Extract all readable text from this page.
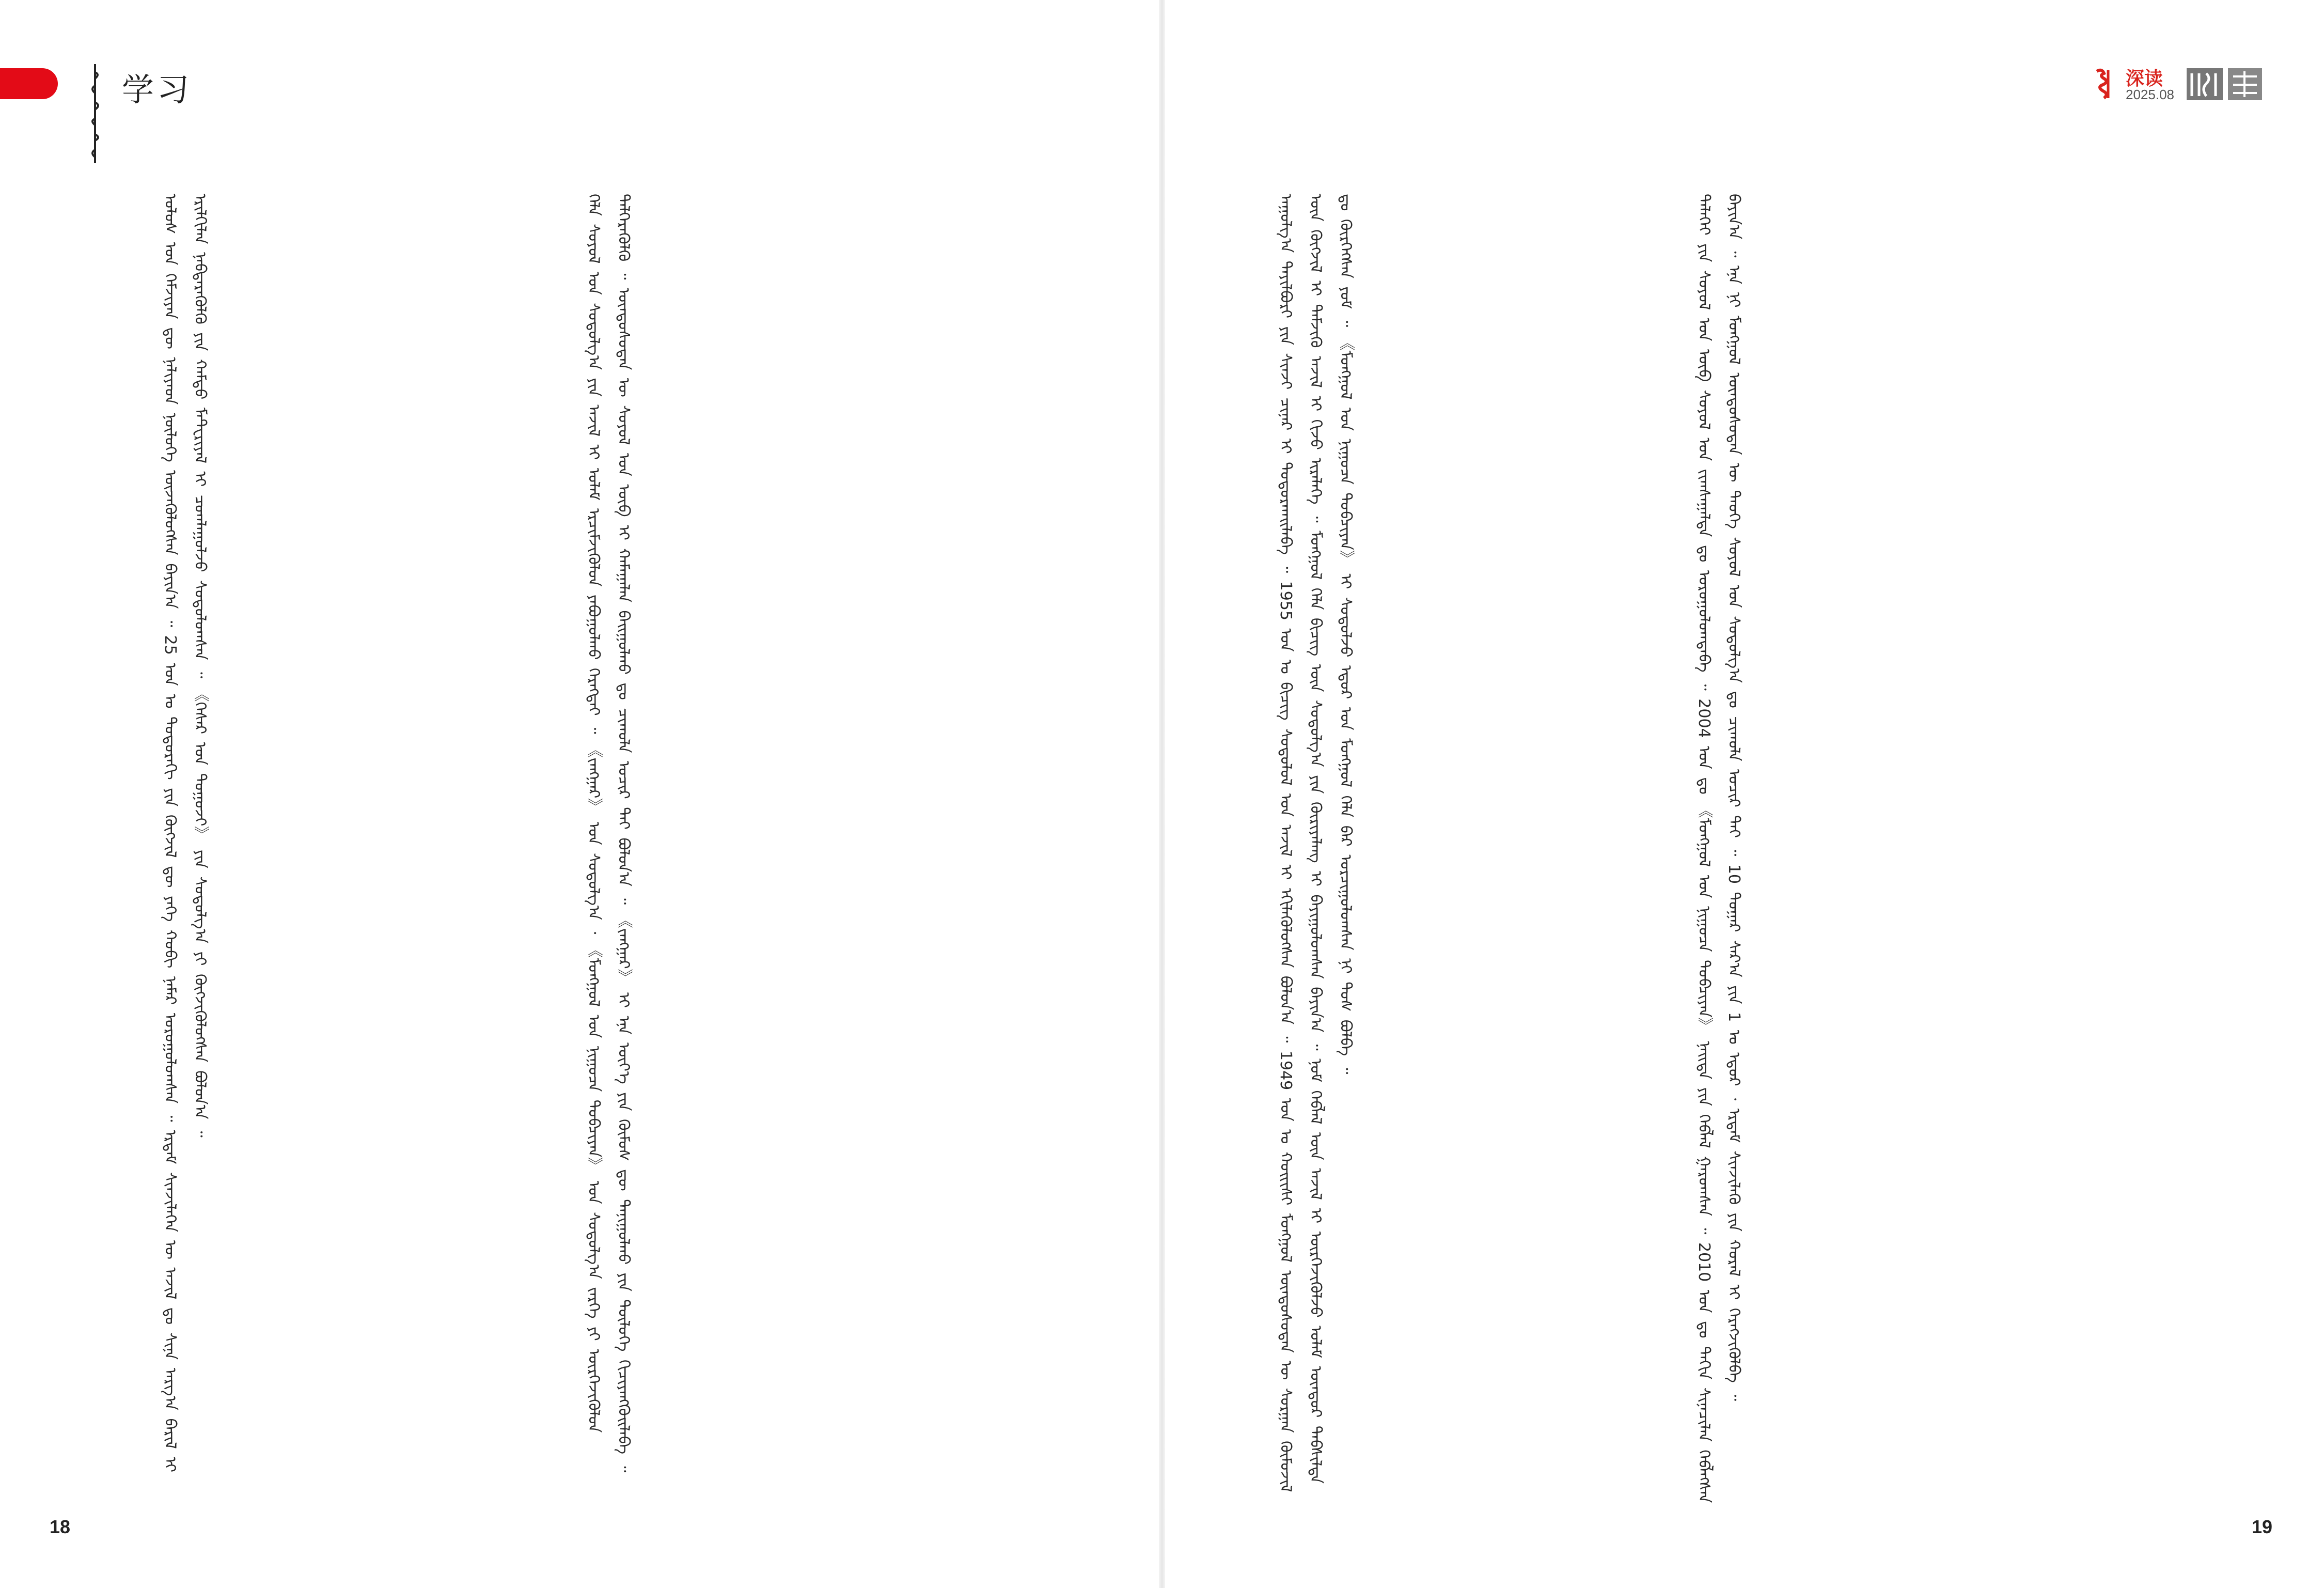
学习
ᠤᠯᠤᠰ ᠤᠨ ᠬᠡᠮᠵᠢᠶᠡᠨ ᠳᠦ ᠨᠡᠯᠢᠶᠡᠳ ᠨᠥᠯᠦᠭᠡ ᠦᠵᠡᠭᠦᠯᠦᠭᠰᠡᠨ ᠪᠠᠶᠢᠨ᠎ᠠ ᠃ 25 ᠣᠨ ᠤ ᠳᠣᠲᠣᠷᠠᠬᠢ ᠶᠢᠨ ᠬᠥᠭᠵᠢᠯ ᠳᠦ ᠶᠡᠬᠡ ᠬᠤᠪᠢ ᠨᠡᠮᠡᠷ ᠣᠷᠤᠭᠤᠯᠤᠭᠰᠠᠨ ᠃ ᠡᠷᠳᠡᠮ ᠰᠢᠨᠵᠢᠯᠡᠬᠡᠨ ᠦ ᠠᠵᠢᠯ ᠳᠤ ᠰᠢᠨᠡ ᠠᠷᠭ᠎ᠠ ᠪᠠᠷᠢᠯ ᠢ ᠡᠷᠢᠯᠬᠢᠯᠡᠨ ᠨᠡᠪᠲᠡᠷᠡᠭᠦᠯᠬᠦ ᠶᠢᠨ ᠬᠠᠮᠲᠤ ᠮᠠᠲ᠋ᠧᠷᠢᠶᠠᠯ ᠢ ᠴᠤᠭᠯᠠᠭᠤᠯᠵᠤ ᠰᠤᠳᠤᠯᠤᠭᠰᠠᠨ ᠃ 《ᠭᠡᠰᠡᠷ ᠤᠨ ᠲᠤᠭᠤᠵᠢ》 ᠶᠢᠨ ᠰᠤᠳᠤᠯᠭ᠎ᠠ ᠶᠢ ᠬᠥᠭᠵᠢᠭᠦᠯᠦᠭᠰᠡᠨ ᠪᠣᠯᠤᠨ᠎ᠠ ᠃	ᠬᠡᠯᠡ ᠰᠣᠶᠣᠯ ᠤᠨ ᠰᠤᠳᠤᠯᠭ᠎ᠠ ᠶᠢᠨ ᠠᠵᠢᠯ ᠢ ᠤᠯᠠᠮ ᠡᠷᠴᠢᠮᠵᠢᠭᠦᠯᠦᠨ ᠶᠠᠪᠤᠭᠤᠯᠬᠤ ᠬᠡᠷᠡᠭᠲᠡᠢ ᠃ 《ᠵᠠᠩᠭᠠᠷ》 ᠤᠨ ᠰᠤᠳᠤᠯᠭ᠎ᠠ ᠂ 《ᠮᠣᠩᠭᠣᠯ ᠤᠨ ᠨᠢᠭᠤᠴᠠ ᠲᠣᠪᠴᠢᠶᠠᠨ》 ᠤᠨ ᠰᠤᠳᠤᠯᠭ᠎ᠠ ᠵᠡᠷᠭᠡ ᠶᠢ ᠥᠷᠭᠡᠵᠢᠭᠦᠯᠦᠨ ᠳᠡᠯᠭᠡᠷᠡᠭᠦᠯᠬᠦ ᠃ ᠦᠨᠳᠦᠰᠦᠲᠡᠨ ᠦ ᠰᠣᠶᠣᠯ ᠤᠨ ᠥᠪ ᠢ ᠬᠠᠮᠠᠭᠠᠯᠠᠨ ᠪᠠᠢᠭᠤᠯᠬᠤ ᠳᠤ ᠴᠢᠬᠤᠯᠠ ᠤᠴᠢᠷ ᠲᠠᠢ ᠪᠣᠯᠤᠨ᠎ᠠ ᠃ 《ᠵᠠᠩᠭᠠᠷ》 ᠢ ᠡᠨᠡ ᠦᠶ᠎ᠡ ᠶᠢᠨ ᠬᠦᠮᠦᠰ ᠳᠦ ᠲᠠᠨᠢᠭᠤᠯᠬᠤ ᠶᠢᠨ ᠲᠥᠯᠦᠭᠡ ᠬᠢᠴᠢᠶᠡᠩᠭᠦᠢᠯᠡᠪᠡ ᠃
18
深读
2025.08
ᠠᠭᠤᠯᠭ᠎ᠠ ᠲᠠᠶᠢᠯᠪᠤᠷᠢ ᠶᠢᠨ ᠰᠢᠨᠵᠢ ᠴᠢᠨᠠᠷ ᠢ ᠲᠣᠳᠣᠷᠬᠠᠢᠯᠠᠪᠠ ᠃ 1955 ᠣᠨ ᠤ ᠪᠢᠴᠢᠭ ᠰᠤᠳᠤᠯᠤᠯ ᠤᠨ ᠠᠵᠢᠯ ᠢ ᠡᠬᠢᠯᠡᠬᠦᠯᠦᠭᠰᠡᠨ ᠪᠣᠯᠤᠨ᠎ᠠ ᠃ 1949 ᠣᠨ ᠤ ᠬᠣᠢᠢᠰᠢ ᠮᠣᠩᠭᠣᠯ ᠦᠨᠳᠦᠰᠦᠲᠡᠨ ᠦ ᠰᠤᠷᠭᠠᠨ ᠬᠥᠮᠦᠵᠢᠯ ᠦᠨ ᠬᠥᠭᠵᠢᠯ ᠢ ᠳᠡᠮᠵᠢᠬᠦ ᠠᠵᠢᠯ ᠢ ᠬᠢᠵᠦ ᠢᠷᠡᠯᠡᠭᠡ ᠃ ᠮᠣᠩᠭᠣᠯ ᠬᠡᠯᠡ ᠪᠢᠴᠢᠭ ᠦᠨ ᠰᠤᠳᠤᠯᠭ᠎ᠠ ᠶᠢᠨ ᠬᠦᠷᠢᠶᠡᠯᠡᠩ ᠢ ᠪᠠᠶᠢᠭᠤᠯᠤᠭᠰᠠᠨ ᠪᠠᠶᠢᠨ᠎ᠠ ᠃ ᠨᠣᠮ ᠬᠡᠪᠯᠡᠯ ᠦᠨ ᠠᠵᠢᠯ ᠢ ᠥᠷᠭᠡᠵᠢᠭᠦᠯᠵᠦ ᠤᠯᠠᠮ ᠥᠨᠳᠥᠷ ᠳᠡᠪᠰᠢᠯᠲᠡ ᠳᠤ ᠬᠦᠷᠭᠡᠭᠰᠡᠨ ᠶᠤᠮ ᠃ 《ᠮᠣᠩᠭᠣᠯ ᠤᠨ ᠨᠢᠭᠤᠴᠠ ᠲᠣᠪᠴᠢᠶᠠᠨ》 ᠢ ᠰᠤᠳᠤᠯᠵᠤ ᠡᠳᠦᠷ ᠤᠨ ᠮᠣᠩᠭᠣᠯ ᠬᠡᠯᠡ ᠪᠡᠷ ᠣᠷᠴᠢᠭᠤᠯᠤᠭᠰᠠᠨ ᠨᠢ ᠲᠤᠰ ᠪᠣᠯᠪᠠ ᠃	ᠳᠡᠯᠡᠬᠡᠢ ᠶᠢᠨ ᠰᠣᠶᠣᠯ ᠤᠨ ᠥᠪ ᠰᠣᠶᠣᠯ ᠤᠨ ᠵᠢᠭᠰᠠᠭᠠᠯᠲᠠ ᠳᠤ ᠣᠷᠣᠭᠤᠯᠤᠭᠳᠠᠪᠠ ᠃ 2004 ᠣᠨ ᠳᠤ 《ᠮᠣᠩᠭᠣᠯ ᠤᠨ ᠨᠢᠭᠤᠴᠠ ᠲᠣᠪᠴᠢᠶᠠᠨ》 ᠨᠡᠢᠲᠡ ᠶᠢᠨ ᠬᠡᠪᠯᠡᠯ ᠭᠠᠷᠤᠭᠰᠠᠨ ᠃ 2010 ᠣᠨ ᠳᠤ ᠳᠠᠬᠢᠨ ᠰᠢᠨᠡᠴᠢᠯᠡᠨ ᠬᠡᠪᠯᠡᠭᠰᠡᠨ ᠪᠠᠶᠢᠨ᠎ᠠ ᠃ ᠡᠨᠡ ᠨᠢ ᠮᠣᠩᠭᠣᠯ ᠦᠨᠳᠦᠰᠦᠲᠡᠨ ᠦ ᠲᠡᠦᠬᠡ ᠰᠣᠶᠣᠯ ᠤᠨ ᠰᠤᠳᠤᠯᠭ᠎ᠠ ᠳᠤ ᠴᠢᠬᠤᠯᠠ ᠤᠴᠢᠷ ᠲᠠᠢ ᠃ 10 ᠳᠤᠭᠠᠷ ᠰᠠᠷ᠎ᠠ ᠶᠢᠨ 1 ᠤ ᠡᠳᠦᠷ ᠂ ᠡᠷᠳᠡᠮ ᠰᠢᠨᠵᠢᠯᠡᠬᠦ ᠶᠢᠨ ᠬᠤᠷᠠᠯ ᠢ ᠬᠡᠷᠡᠭᠵᠢᠭᠦᠯᠪᠡ ᠃
19
